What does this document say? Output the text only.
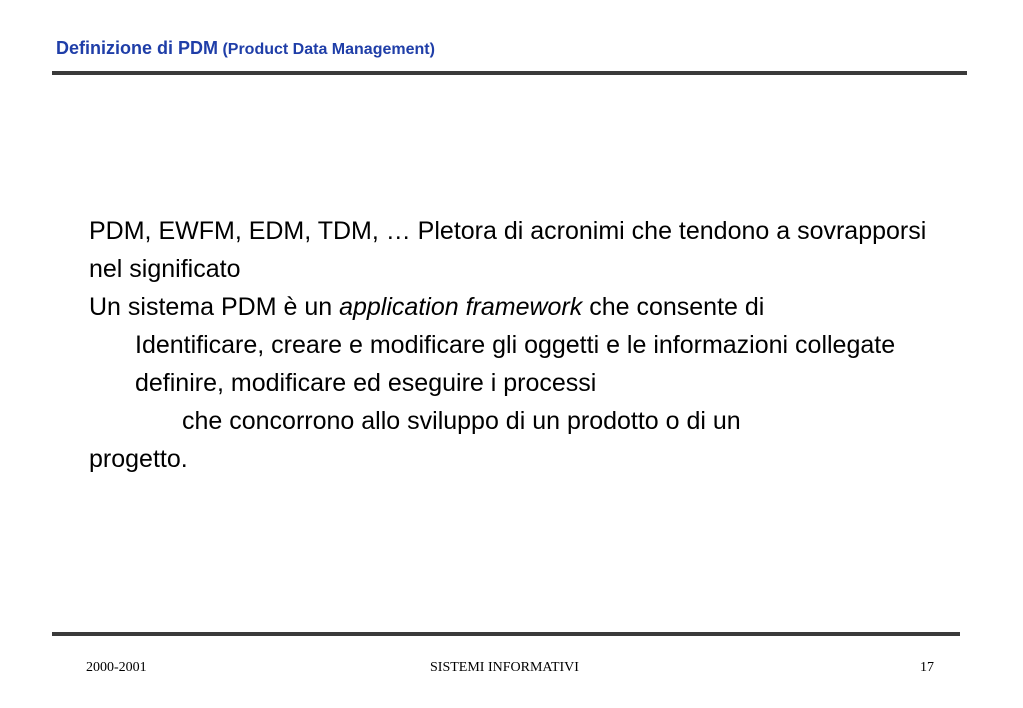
Definizione di PDM (Product Data Management)

PDM, EWFM, EDM, TDM, … Pletora di acronimi che tendono a sovrapporsi nel significato

Un sistema PDM è un application framework che consente di

Identificare, creare e modificare gli oggetti e le informazioni collegate

definire, modificare ed eseguire i processi

che concorrono allo sviluppo di un prodotto o di un

progetto.

2000-2001	SISTEMI INFORMATIVI	17
